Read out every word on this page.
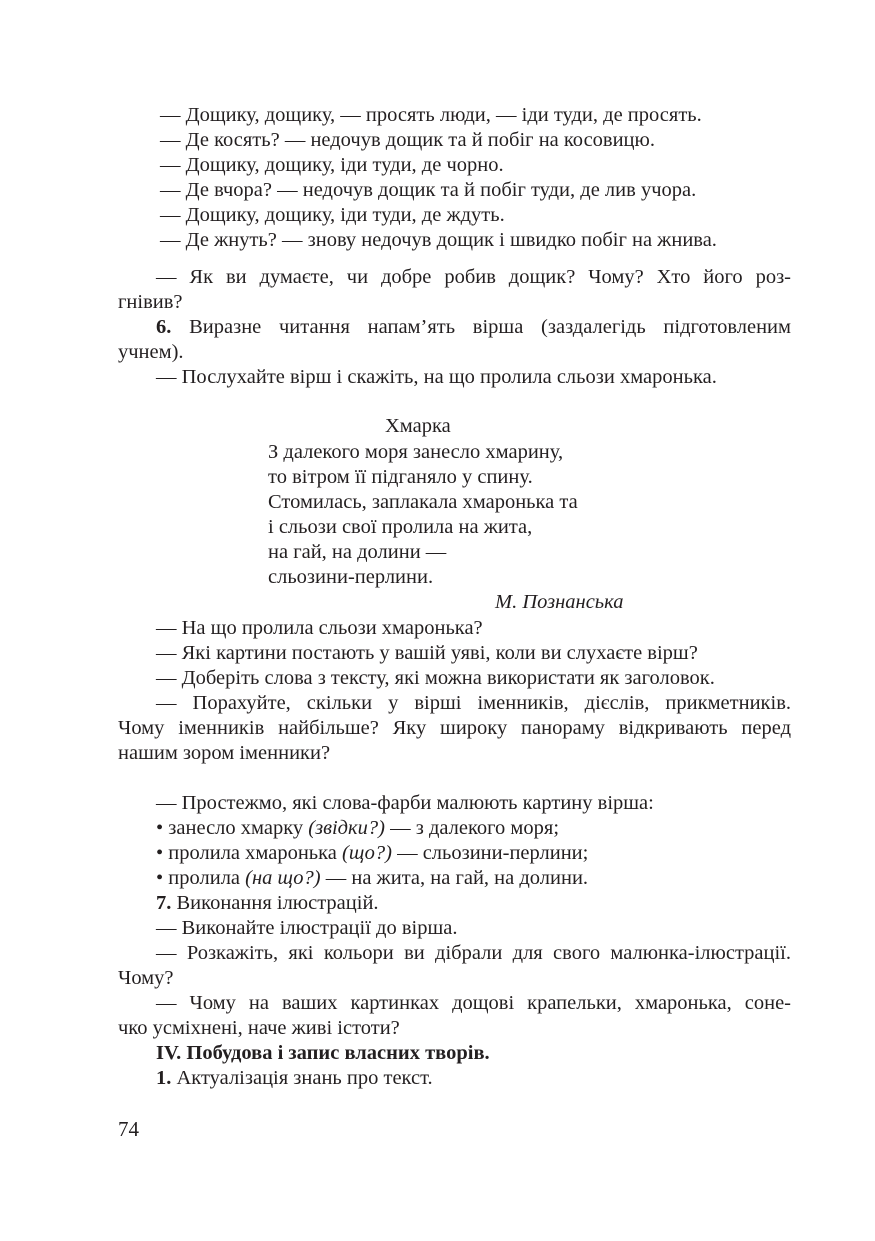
— Дощику, дощику, — просять люди, — іди туди, де просять.
— Де косять? — недочув дощик та й побіг на косовицю.
— Дощику, дощику, іди туди, де чорно.
— Де вчора? — недочув дощик та й побіг туди, де лив учора.
— Дощику, дощику, іди туди, де ждуть.
— Де жнуть? — знову недочув дощик і швидко побіг на жнива.
— Як ви думаєте, чи добре робив дощик? Чому? Хто його роз-
гнівив?
6. Виразне читання напам’ять вірша (заздалегідь підготовленим
учнем).
— Послухайте вірш і скажіть, на що пролила сльози хмаронька.
Хмарка
З далекого моря занесло хмарину,
то вітром її підганяло у спину.
Стомилась, заплакала хмаронька та
і сльози свої пролила на жита,
на гай, на долини —
сльозини-перлини.
М. Познанська
— На що пролила сльози хмаронька?
— Які картини постають у вашій уяві, коли ви слухаєте вірш?
— Доберіть слова з тексту, які можна використати як заголовок.
— Порахуйте, скільки у вірші іменників, дієслів, прикметників.
Чому іменників найбільше? Яку широку панораму відкривають перед
нашим зором іменники?
— Простежмо, які слова-фарби малюють картину вірша:
• занесло хмарку (звідки?) — з далекого моря;
• пролила хмаронька (що?) — сльозини-перлини;
• пролила (на що?) — на жита, на гай, на долини.
7. Виконання ілюстрацій.
— Виконайте ілюстрації до вірша.
— Розкажіть, які кольори ви дібрали для свого малюнка-ілюстрації.
Чому?
— Чому на ваших картинках дощові крапельки, хмаронька, соне-
чко усміхнені, наче живі істоти?
IV. Побудова і запис власних творів.
1. Актуалізація знань про текст.
74
